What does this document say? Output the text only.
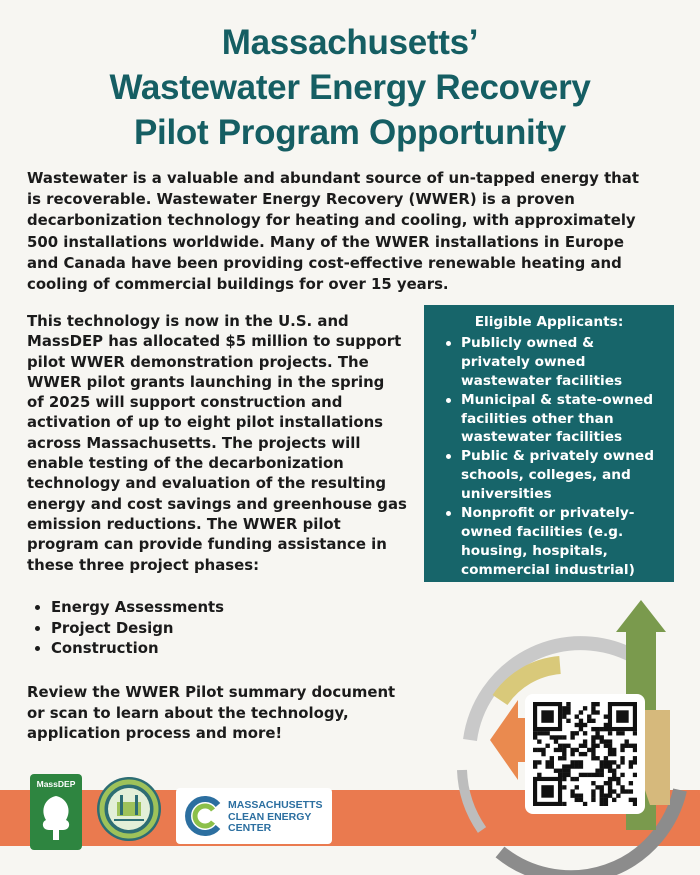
Massachusetts’
Wastewater Energy Recovery
Pilot Program Opportunity
Wastewater is a valuable and abundant source of un-tapped energy that
is recoverable. Wastewater Energy Recovery (WWER) is a proven
decarbonization technology for heating and cooling, with approximately
500 installations worldwide. Many of the WWER installations in Europe
and Canada have been providing cost-effective renewable heating and
cooling of commercial buildings for over 15 years.
This technology is now in the U.S. and
MassDEP has allocated $5 million to support
pilot WWER demonstration projects. The
WWER pilot grants launching in the spring
of 2025 will support construction and
activation of up to eight pilot installations
across Massachusetts. The projects will
enable testing of the decarbonization
technology and evaluation of the resulting
energy and cost savings and greenhouse gas
emission reductions. The WWER pilot
program can provide funding assistance in
these three project phases:
Energy Assessments
Project Design
Construction
Review the WWER Pilot summary document
or scan to learn about the technology,
application process and more!
Eligible Applicants:
Publicly owned &
privately owned
wastewater facilities
Municipal & state-owned
facilities other than
wastewater facilities
Public & privately owned
schools, colleges, and
universities
Nonprofit or privately-
owned facilities (e.g.
housing, hospitals,
commercial industrial)
MassDEP
MASSACHUSETTS
CLEAN ENERGY
CENTER
